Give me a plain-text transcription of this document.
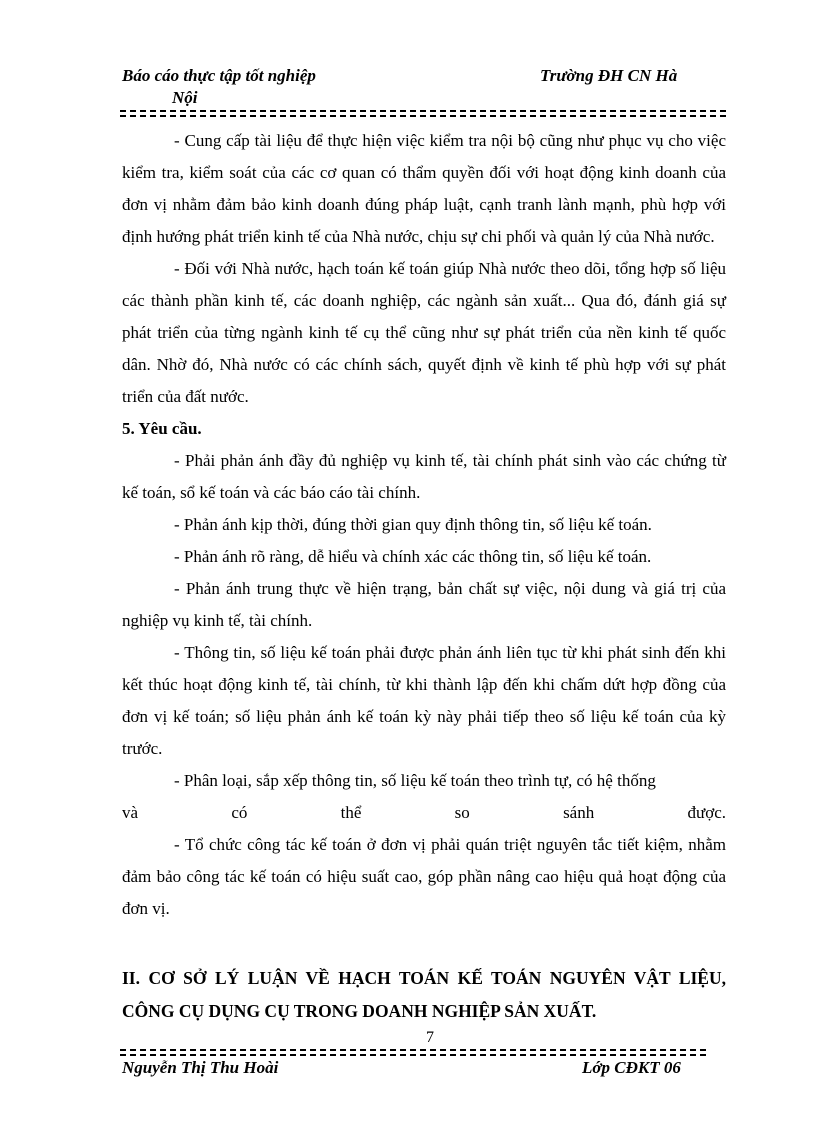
Báo cáo thực tập tốt nghiệp
Nội
Trường ĐH CN Hà

- Cung cấp tài liệu để thực hiện việc kiểm tra nội bộ cũng như phục vụ cho việc kiểm tra, kiểm soát của các cơ quan có thẩm quyền đối với hoạt động kinh doanh của đơn vị nhằm đảm bảo kinh doanh đúng pháp luật, cạnh tranh lành mạnh, phù hợp với định hướng phát triển kinh tế của Nhà nước, chịu sự chi phối và quản lý của Nhà nước.

- Đối với Nhà nước, hạch toán kế toán giúp Nhà nước theo dõi, tổng hợp số liệu các thành phần kinh tế, các doanh nghiệp, các ngành sản xuất... Qua đó, đánh giá sự phát triển của từng ngành kinh tế cụ thể cũng như sự phát triển của nền kinh tế quốc dân. Nhờ đó, Nhà nước có các chính sách, quyết định về kinh tế phù hợp với sự phát triển của đất nước.

5. Yêu cầu.

- Phải phản ánh đầy đủ nghiệp vụ kinh tế, tài chính phát sinh vào các chứng từ kế toán, sổ kế toán và các báo cáo tài chính.

- Phản ánh kịp thời, đúng thời gian quy định thông tin, số liệu kế toán.

- Phản ánh rõ ràng, dễ hiểu và chính xác các thông tin, số liệu kế toán.

- Phản ánh trung thực về hiện trạng, bản chất sự việc, nội dung và giá trị của nghiệp vụ kinh tế, tài chính.

- Thông tin, số liệu kế toán phải được phản ánh liên tục từ khi phát sinh đến khi kết thúc hoạt động kinh tế, tài chính, từ khi thành lập đến khi chấm dứt hợp đồng của đơn vị kế toán; số liệu phản ánh kế toán kỳ này phải tiếp theo số liệu kế toán của kỳ trước.

- Phân loại, sắp xếp thông tin, số liệu kế toán theo trình tự, có hệ thống

và	có	thể	so	sánh	được.

- Tổ chức công tác kế toán ở đơn vị phải quán triệt nguyên tắc tiết kiệm, nhằm đảm bảo công tác kế toán có hiệu suất cao, góp phần nâng cao hiệu quả hoạt động của đơn vị.

II. CƠ SỞ LÝ LUẬN VỀ HẠCH TOÁN KẾ TOÁN NGUYÊN VẬT LIỆU, CÔNG CỤ DỤNG CỤ TRONG DOANH NGHIỆP SẢN XUẤT.

7
Nguyễn Thị Thu Hoài	Lớp CĐKT 06
